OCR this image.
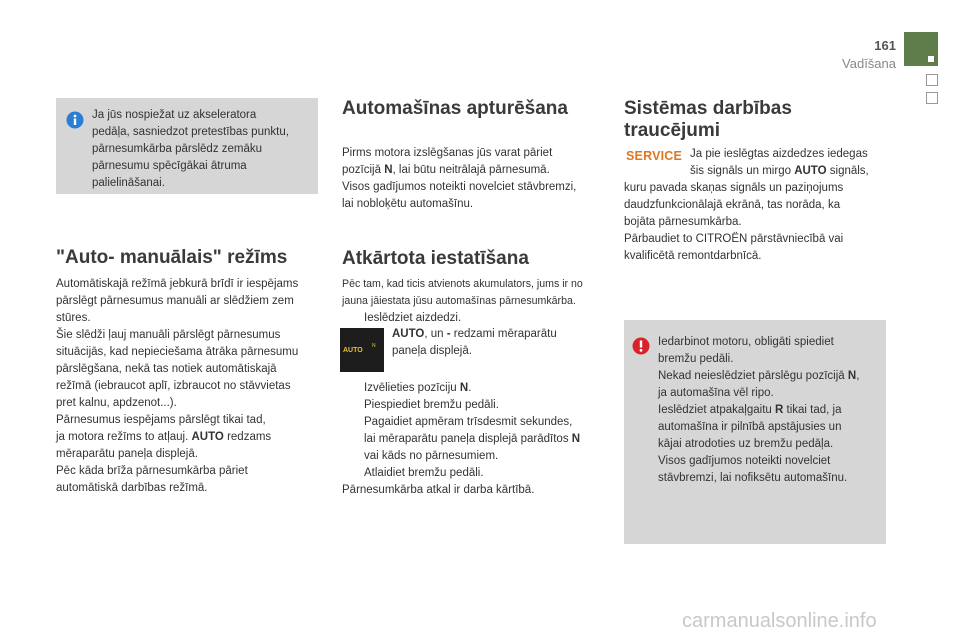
161
Vadīšana
Ja jūs nospiežat uz akseleratora
pedāļa, sasniedzot pretestības punktu,
pārnesumkārba pārslēdz zemāku
pārnesumu spēcīgākai ātruma
palielināšanai.
"Auto- manuālais" režīms
Automātiskajā režīmā jebkurā brīdī ir iespējams
pārslēgt pārnesumus manuāli ar slēdžiem zem
stūres.
Šie slēdži ļauj manuāli pārslēgt pārnesumus
situācijās, kad nepieciešama ātrāka pārnesumu
pārslēgšana, nekā tas notiek automātiskajā
režīmā (iebraucot aplī, izbraucot no stāvvietas
pret kalnu, apdzenot...).
Pārnesumus iespējams pārslēgt tikai tad,
ja motora režīms to atļauj. AUTO redzams
mēraparātu paneļa displejā.
Pēc kāda brīža pārnesumkārba pāriet
automātiskā darbības režīmā.
Automašīnas apturēšana
Pirms motora izslēgšanas jūs varat pāriet
pozīcijā N, lai būtu neitrālajā pārnesumā.
Visos gadījumos noteikti novelciet stāvbremzi,
lai nobloķētu automašīnu.
Atkārtota iestatīšana
Pēc tam, kad ticis atvienots akumulators, jums ir no
jauna jāiestata jūsu automašīnas pārnesumkārba.
Ieslēdziet aizdedzi.
AUTO
N
AUTO, un - redzami mēraparātu
paneļa displejā.
Izvēlieties pozīciju N.
Piespiediet bremžu pedāli.
Pagaidiet apmēram trīsdesmit sekundes,
lai mēraparātu paneļa displejā parādītos N
vai kāds no pārnesumiem.
Atlaidiet bremžu pedāli.
Pārnesumkārba atkal ir darba kārtībā.
Sistēmas darbības
traucējumi
SERVICE Ja pie ieslēgtas aizdedzes iedegas
šis signāls un mirgo AUTO signāls,
kuru pavada skaņas signāls un paziņojums
daudzfunkcionālajā ekrānā, tas norāda, ka
bojāta pārnesumkārba.
Pārbaudiet to CITROËN pārstāvniecībā vai
kvalificētā remontdarbnīcā.
Iedarbinot motoru, obligāti spiediet
bremžu pedāli.
Nekad neieslēdziet pārslēgu pozīcijā N,
ja automašīna vēl ripo.
Ieslēdziet atpakaļgaitu R tikai tad, ja
automašīna ir pilnībā apstājusies un
kājai atrodoties uz bremžu pedāļa.
Visos gadījumos noteikti novelciet
stāvbremzi, lai nofiksētu automašīnu.
carmanualsonline.info
